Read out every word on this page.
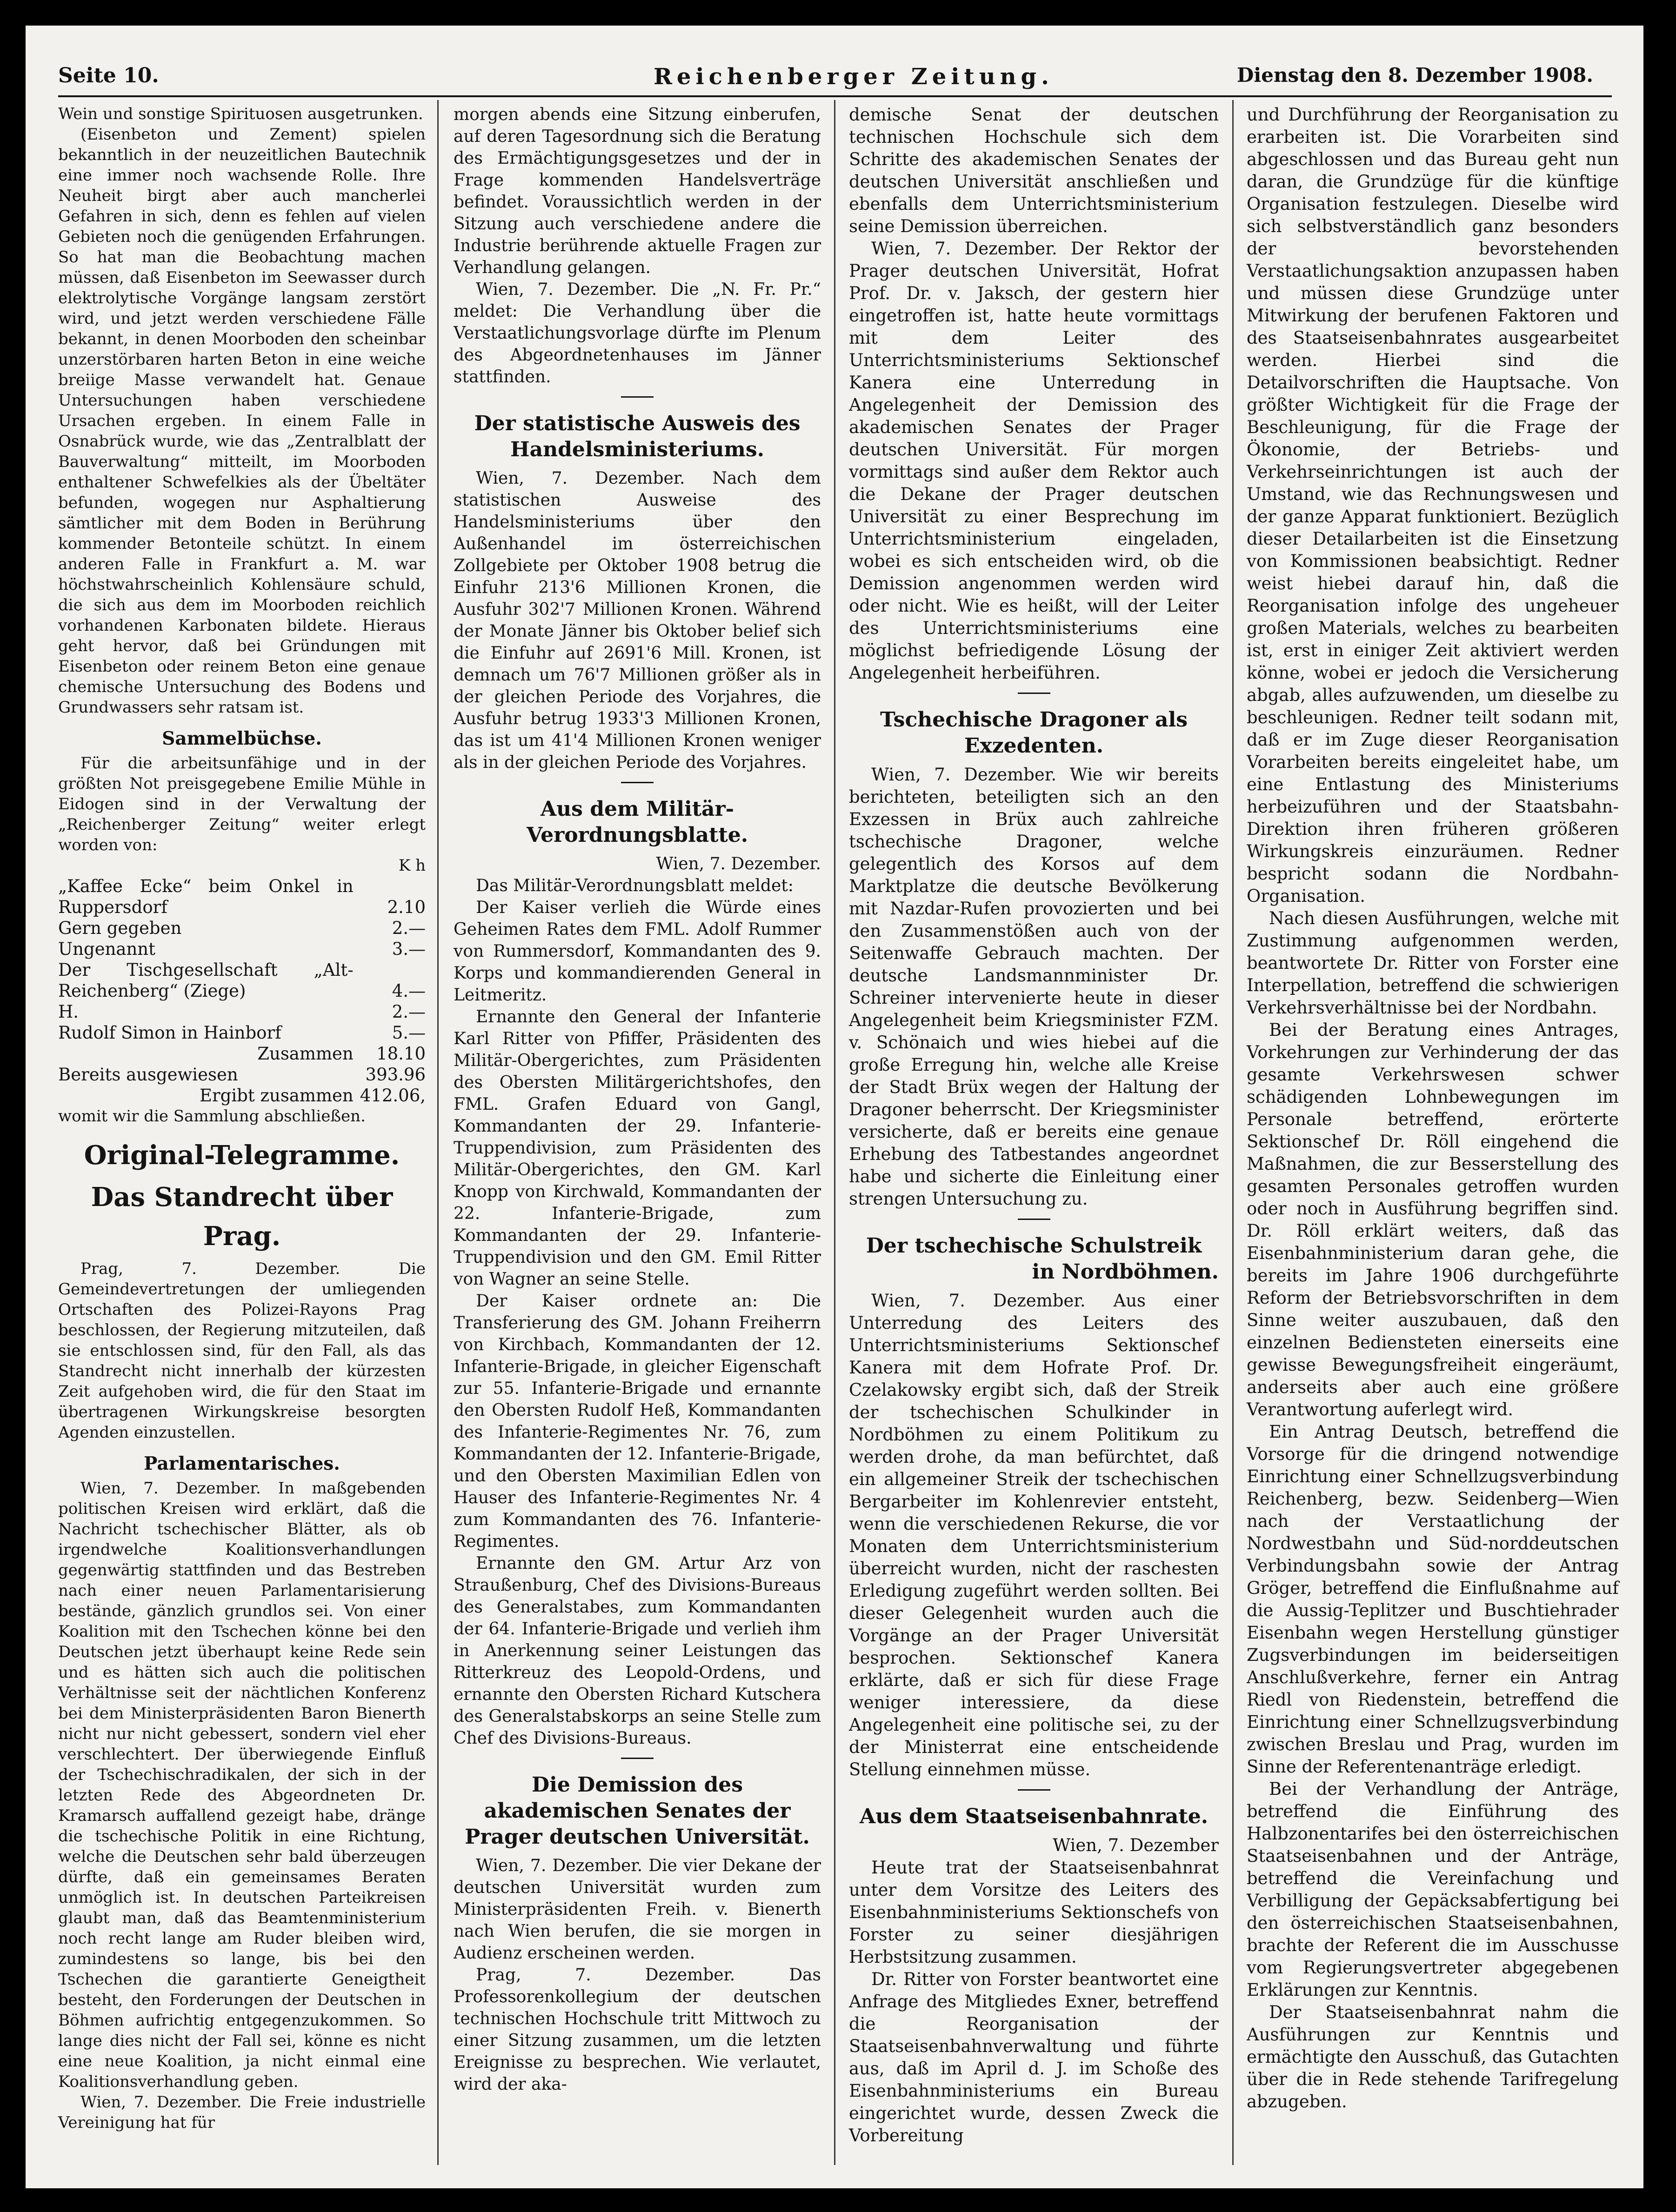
Seite 10.	Reichenberger Zeitung.	Dienstag den 8. Dezember 1908.

Wein und sonstige Spirituosen ausgetrunken.

(Eisenbeton und Zement) spielen bekanntlich in der neuzeitlichen Bautechnik eine immer noch wachsende Rolle. Ihre Neuheit birgt aber auch mancherlei Gefahren in sich, denn es fehlen auf vielen Gebieten noch die genügenden Erfahrungen. So hat man die Beobachtung machen müssen, daß Eisenbeton im Seewasser durch elektrolytische Vorgänge langsam zerstört wird, und jetzt werden verschiedene Fälle bekannt, in denen Moorboden den scheinbar unzerstörbaren harten Beton in eine weiche breiige Masse verwandelt hat. Genaue Untersuchungen haben verschiedene Ursachen ergeben. In einem Falle in Osnabrück wurde, wie das „Zentralblatt der Bauverwaltung“ mitteilt, im Moorboden enthaltener Schwefelkies als der Übeltäter befunden, wogegen nur Asphaltierung sämtlicher mit dem Boden in Berührung kommender Betonteile schützt. In einem anderen Falle in Frankfurt a. M. war höchstwahrscheinlich Kohlensäure schuld, die sich aus dem im Moorboden reichlich vorhandenen Karbonaten bildete. Hieraus geht hervor, daß bei Gründungen mit Eisenbeton oder reinem Beton eine genaue chemische Untersuchung des Bodens und Grundwassers sehr ratsam ist.

Sammelbüchse.

Für die arbeitsunfähige und in der größten Not preisgegebene Emilie Mühle in Eidogen sind in der Verwaltung der „Reichenberger Zeitung“ weiter erlegt worden von:

K h

„Kaffee Ecke“ beim Onkel in Ruppersdorf	2.10
Gern gegeben	2.—
Ungenannt	3.—
Der Tischgesellschaft „Alt-Reichenberg“ (Ziege)	4.—
H.	2.—
Rudolf Simon in Hainborf	5.—
Zusammen	18.10
Bereits ausgewiesen	393.96
Ergibt zusammen	412.06,

womit wir die Sammlung abschließen.

Original-Telegramme.
Das Standrecht über Prag.

Prag, 7. Dezember. Die Gemeindevertretungen der umliegenden Ortschaften des Polizei-Rayons Prag beschlossen, der Regierung mitzuteilen, daß sie entschlossen sind, für den Fall, als das Standrecht nicht innerhalb der kürzesten Zeit aufgehoben wird, die für den Staat im übertragenen Wirkungskreise besorgten Agenden einzustellen.

Parlamentarisches.

Wien, 7. Dezember. In maßgebenden politischen Kreisen wird erklärt, daß die Nachricht tschechischer Blätter, als ob irgendwelche Koalitionsverhandlungen gegenwärtig stattfinden und das Bestreben nach einer neuen Parlamentarisierung bestände, gänzlich grundlos sei. Von einer Koalition mit den Tschechen könne bei den Deutschen jetzt überhaupt keine Rede sein und es hätten sich auch die politischen Verhältnisse seit der nächtlichen Konferenz bei dem Ministerpräsidenten Baron Bienerth nicht nur nicht gebessert, sondern viel eher verschlechtert. Der überwiegende Einfluß der Tschechischradikalen, der sich in der letzten Rede des Abgeordneten Dr. Kramarsch auffallend gezeigt habe, dränge die tschechische Politik in eine Richtung, welche die Deutschen sehr bald überzeugen dürfte, daß ein gemeinsames Beraten unmöglich ist. In deutschen Parteikreisen glaubt man, daß das Beamtenministerium noch recht lange am Ruder bleiben wird, zumindestens so lange, bis bei den Tschechen die garantierte Geneigtheit besteht, den Forderungen der Deutschen in Böhmen aufrichtig entgegenzukommen. So lange dies nicht der Fall sei, könne es nicht eine neue Koalition, ja nicht einmal eine Koalitionsverhandlung geben.

Wien, 7. Dezember. Die Freie industrielle Vereinigung hat für

morgen abends eine Sitzung einberufen, auf deren Tagesordnung sich die Beratung des Ermächtigungsgesetzes und der in Frage kommenden Handelsverträge befindet. Voraussichtlich werden in der Sitzung auch verschiedene andere die Industrie berührende aktuelle Fragen zur Verhandlung gelangen.

Wien, 7. Dezember. Die „N. Fr. Pr.“ meldet: Die Verhandlung über die Verstaatlichungsvorlage dürfte im Plenum des Abgeordnetenhauses im Jänner stattfinden.

Der statistische Ausweis des Handelsministeriums.

Wien, 7. Dezember. Nach dem statistischen Ausweise des Handelsministeriums über den Außenhandel im österreichischen Zollgebiete per Oktober 1908 betrug die Einfuhr 213'6 Millionen Kronen, die Ausfuhr 302'7 Millionen Kronen. Während der Monate Jänner bis Oktober belief sich die Einfuhr auf 2691'6 Mill. Kronen, ist demnach um 76'7 Millionen größer als in der gleichen Periode des Vorjahres, die Ausfuhr betrug 1933'3 Millionen Kronen, das ist um 41'4 Millionen Kronen weniger als in der gleichen Periode des Vorjahres.

Aus dem Militär-Verordnungsblatte.

Wien, 7. Dezember.

Das Militär-Verordnungsblatt meldet:

Der Kaiser verlieh die Würde eines Geheimen Rates dem FML. Adolf Rummer von Rummersdorf, Kommandanten des 9. Korps und kommandierenden General in Leitmeritz.

Ernannte den General der Infanterie Karl Ritter von Pfiffer, Präsidenten des Militär-Obergerichtes, zum Präsidenten des Obersten Militärgerichtshofes, den FML. Grafen Eduard von Gangl, Kommandanten der 29. Infanterie-Truppendivision, zum Präsidenten des Militär-Obergerichtes, den GM. Karl Knopp von Kirchwald, Kommandanten der 22. Infanterie-Brigade, zum Kommandanten der 29. Infanterie-Truppendivision und den GM. Emil Ritter von Wagner an seine Stelle.

Der Kaiser ordnete an: Die Transferierung des GM. Johann Freiherrn von Kirchbach, Kommandanten der 12. Infanterie-Brigade, in gleicher Eigenschaft zur 55. Infanterie-Brigade und ernannte den Obersten Rudolf Heß, Kommandanten des Infanterie-Regimentes Nr. 76, zum Kommandanten der 12. Infanterie-Brigade, und den Obersten Maximilian Edlen von Hauser des Infanterie-Regimentes Nr. 4 zum Kommandanten des 76. Infanterie-Regimentes.

Ernannte den GM. Artur Arz von Straußenburg, Chef des Divisions-Bureaus des Generalstabes, zum Kommandanten der 64. Infanterie-Brigade und verlieh ihm in Anerkennung seiner Leistungen das Ritterkreuz des Leopold-Ordens, und ernannte den Obersten Richard Kutschera des Generalstabskorps an seine Stelle zum Chef des Divisions-Bureaus.

Die Demission des akademischen Senates der Prager deutschen Universität.

Wien, 7. Dezember. Die vier Dekane der deutschen Universität wurden zum Ministerpräsidenten Freih. v. Bienerth nach Wien berufen, die sie morgen in Audienz erscheinen werden.

Prag, 7. Dezember. Das Professorenkollegium der deutschen technischen Hochschule tritt Mittwoch zu einer Sitzung zusammen, um die letzten Ereignisse zu besprechen. Wie verlautet, wird der aka-

demische Senat der deutschen technischen Hochschule sich dem Schritte des akademischen Senates der deutschen Universität anschließen und ebenfalls dem Unterrichtsministerium seine Demission überreichen.

Wien, 7. Dezember. Der Rektor der Prager deutschen Universität, Hofrat Prof. Dr. v. Jaksch, der gestern hier eingetroffen ist, hatte heute vormittags mit dem Leiter des Unterrichtsministeriums Sektionschef Kanera eine Unterredung in Angelegenheit der Demission des akademischen Senates der Prager deutschen Universität. Für morgen vormittags sind außer dem Rektor auch die Dekane der Prager deutschen Universität zu einer Besprechung im Unterrichtsministerium eingeladen, wobei es sich entscheiden wird, ob die Demission angenommen werden wird oder nicht. Wie es heißt, will der Leiter des Unterrichtsministeriums eine möglichst befriedigende Lösung der Angelegenheit herbeiführen.

Tschechische Dragoner als Exzedenten.

Wien, 7. Dezember. Wie wir bereits berichteten, beteiligten sich an den Exzessen in Brüx auch zahlreiche tschechische Dragoner, welche gelegentlich des Korsos auf dem Marktplatze die deutsche Bevölkerung mit Nazdar-Rufen provozierten und bei den Zusammenstößen auch von der Seitenwaffe Gebrauch machten. Der deutsche Landsmannminister Dr. Schreiner intervenierte heute in dieser Angelegenheit beim Kriegsminister FZM. v. Schönaich und wies hiebei auf die große Erregung hin, welche alle Kreise der Stadt Brüx wegen der Haltung der Dragoner beherrscht. Der Kriegsminister versicherte, daß er bereits eine genaue Erhebung des Tatbestandes angeordnet habe und sicherte die Einleitung einer strengen Untersuchung zu.

Der tschechische Schulstreik
in Nordböhmen.

Wien, 7. Dezember. Aus einer Unterredung des Leiters des Unterrichtsministeriums Sektionschef Kanera mit dem Hofrate Prof. Dr. Czelakowsky ergibt sich, daß der Streik der tschechischen Schulkinder in Nordböhmen zu einem Politikum zu werden drohe, da man befürchtet, daß ein allgemeiner Streik der tschechischen Bergarbeiter im Kohlenrevier entsteht, wenn die verschiedenen Rekurse, die vor Monaten dem Unterrichtsministerium überreicht wurden, nicht der raschesten Erledigung zugeführt werden sollten. Bei dieser Gelegenheit wurden auch die Vorgänge an der Prager Universität besprochen. Sektionschef Kanera erklärte, daß er sich für diese Frage weniger interessiere, da diese Angelegenheit eine politische sei, zu der der Ministerrat eine entscheidende Stellung einnehmen müsse.

Aus dem Staatseisenbahnrate.

Wien, 7. Dezember

Heute trat der Staatseisenbahnrat unter dem Vorsitze des Leiters des Eisenbahnministeriums Sektionschefs von Forster zu seiner diesjährigen Herbstsitzung zusammen.

Dr. Ritter von Forster beantwortet eine Anfrage des Mitgliedes Exner, betreffend die Reorganisation der Staatseisenbahnverwaltung und führte aus, daß im April d. J. im Schoße des Eisenbahnministeriums ein Bureau eingerichtet wurde, dessen Zweck die Vorbereitung

und Durchführung der Reorganisation zu erarbeiten ist. Die Vorarbeiten sind abgeschlossen und das Bureau geht nun daran, die Grundzüge für die künftige Organisation festzulegen. Dieselbe wird sich selbstverständlich ganz besonders der bevorstehenden Verstaatlichungsaktion anzupassen haben und müssen diese Grundzüge unter Mitwirkung der berufenen Faktoren und des Staatseisenbahnrates ausgearbeitet werden. Hierbei sind die Detailvorschriften die Hauptsache. Von größter Wichtigkeit für die Frage der Beschleunigung, für die Frage der Ökonomie, der Betriebs- und Verkehrseinrichtungen ist auch der Umstand, wie das Rechnungswesen und der ganze Apparat funktioniert. Bezüglich dieser Detailarbeiten ist die Einsetzung von Kommissionen beabsichtigt. Redner weist hiebei darauf hin, daß die Reorganisation infolge des ungeheuer großen Materials, welches zu bearbeiten ist, erst in einiger Zeit aktiviert werden könne, wobei er jedoch die Versicherung abgab, alles aufzuwenden, um dieselbe zu beschleunigen. Redner teilt sodann mit, daß er im Zuge dieser Reorganisation Vorarbeiten bereits eingeleitet habe, um eine Entlastung des Ministeriums herbeizuführen und der Staatsbahn-Direktion ihren früheren größeren Wirkungskreis einzuräumen. Redner bespricht sodann die Nordbahn-Organisation.

Nach diesen Ausführungen, welche mit Zustimmung aufgenommen werden, beantwortete Dr. Ritter von Forster eine Interpellation, betreffend die schwierigen Verkehrsverhältnisse bei der Nordbahn.

Bei der Beratung eines Antrages, Vorkehrungen zur Verhinderung der das gesamte Verkehrswesen schwer schädigenden Lohnbewegungen im Personale betreffend, erörterte Sektionschef Dr. Röll eingehend die Maßnahmen, die zur Besserstellung des gesamten Personales getroffen wurden oder noch in Ausführung begriffen sind. Dr. Röll erklärt weiters, daß das Eisenbahnministerium daran gehe, die bereits im Jahre 1906 durchgeführte Reform der Betriebsvorschriften in dem Sinne weiter auszubauen, daß den einzelnen Bediensteten einerseits eine gewisse Bewegungsfreiheit eingeräumt, anderseits aber auch eine größere Verantwortung auferlegt wird.

Ein Antrag Deutsch, betreffend die Vorsorge für die dringend notwendige Einrichtung einer Schnellzugsverbindung Reichenberg, bezw. Seidenberg—Wien nach der Verstaatlichung der Nordwestbahn und Süd-norddeutschen Verbindungsbahn sowie der Antrag Gröger, betreffend die Einflußnahme auf die Aussig-Teplitzer und Buschtiehrader Eisenbahn wegen Herstellung günstiger Zugsverbindungen im beiderseitigen Anschlußverkehre, ferner ein Antrag Riedl von Riedenstein, betreffend die Einrichtung einer Schnellzugsverbindung zwischen Breslau und Prag, wurden im Sinne der Referentenanträge erledigt.

Bei der Verhandlung der Anträge, betreffend die Einführung des Halbzonentarifes bei den österreichischen Staatseisenbahnen und der Anträge, betreffend die Vereinfachung und Verbilligung der Gepäcksabfertigung bei den österreichischen Staatseisenbahnen, brachte der Referent die im Ausschusse vom Regierungsvertreter abgegebenen Erklärungen zur Kenntnis.

Der Staatseisenbahnrat nahm die Ausführungen zur Kenntnis und ermächtigte den Ausschuß, das Gutachten über die in Rede stehende Tarifregelung abzugeben.
